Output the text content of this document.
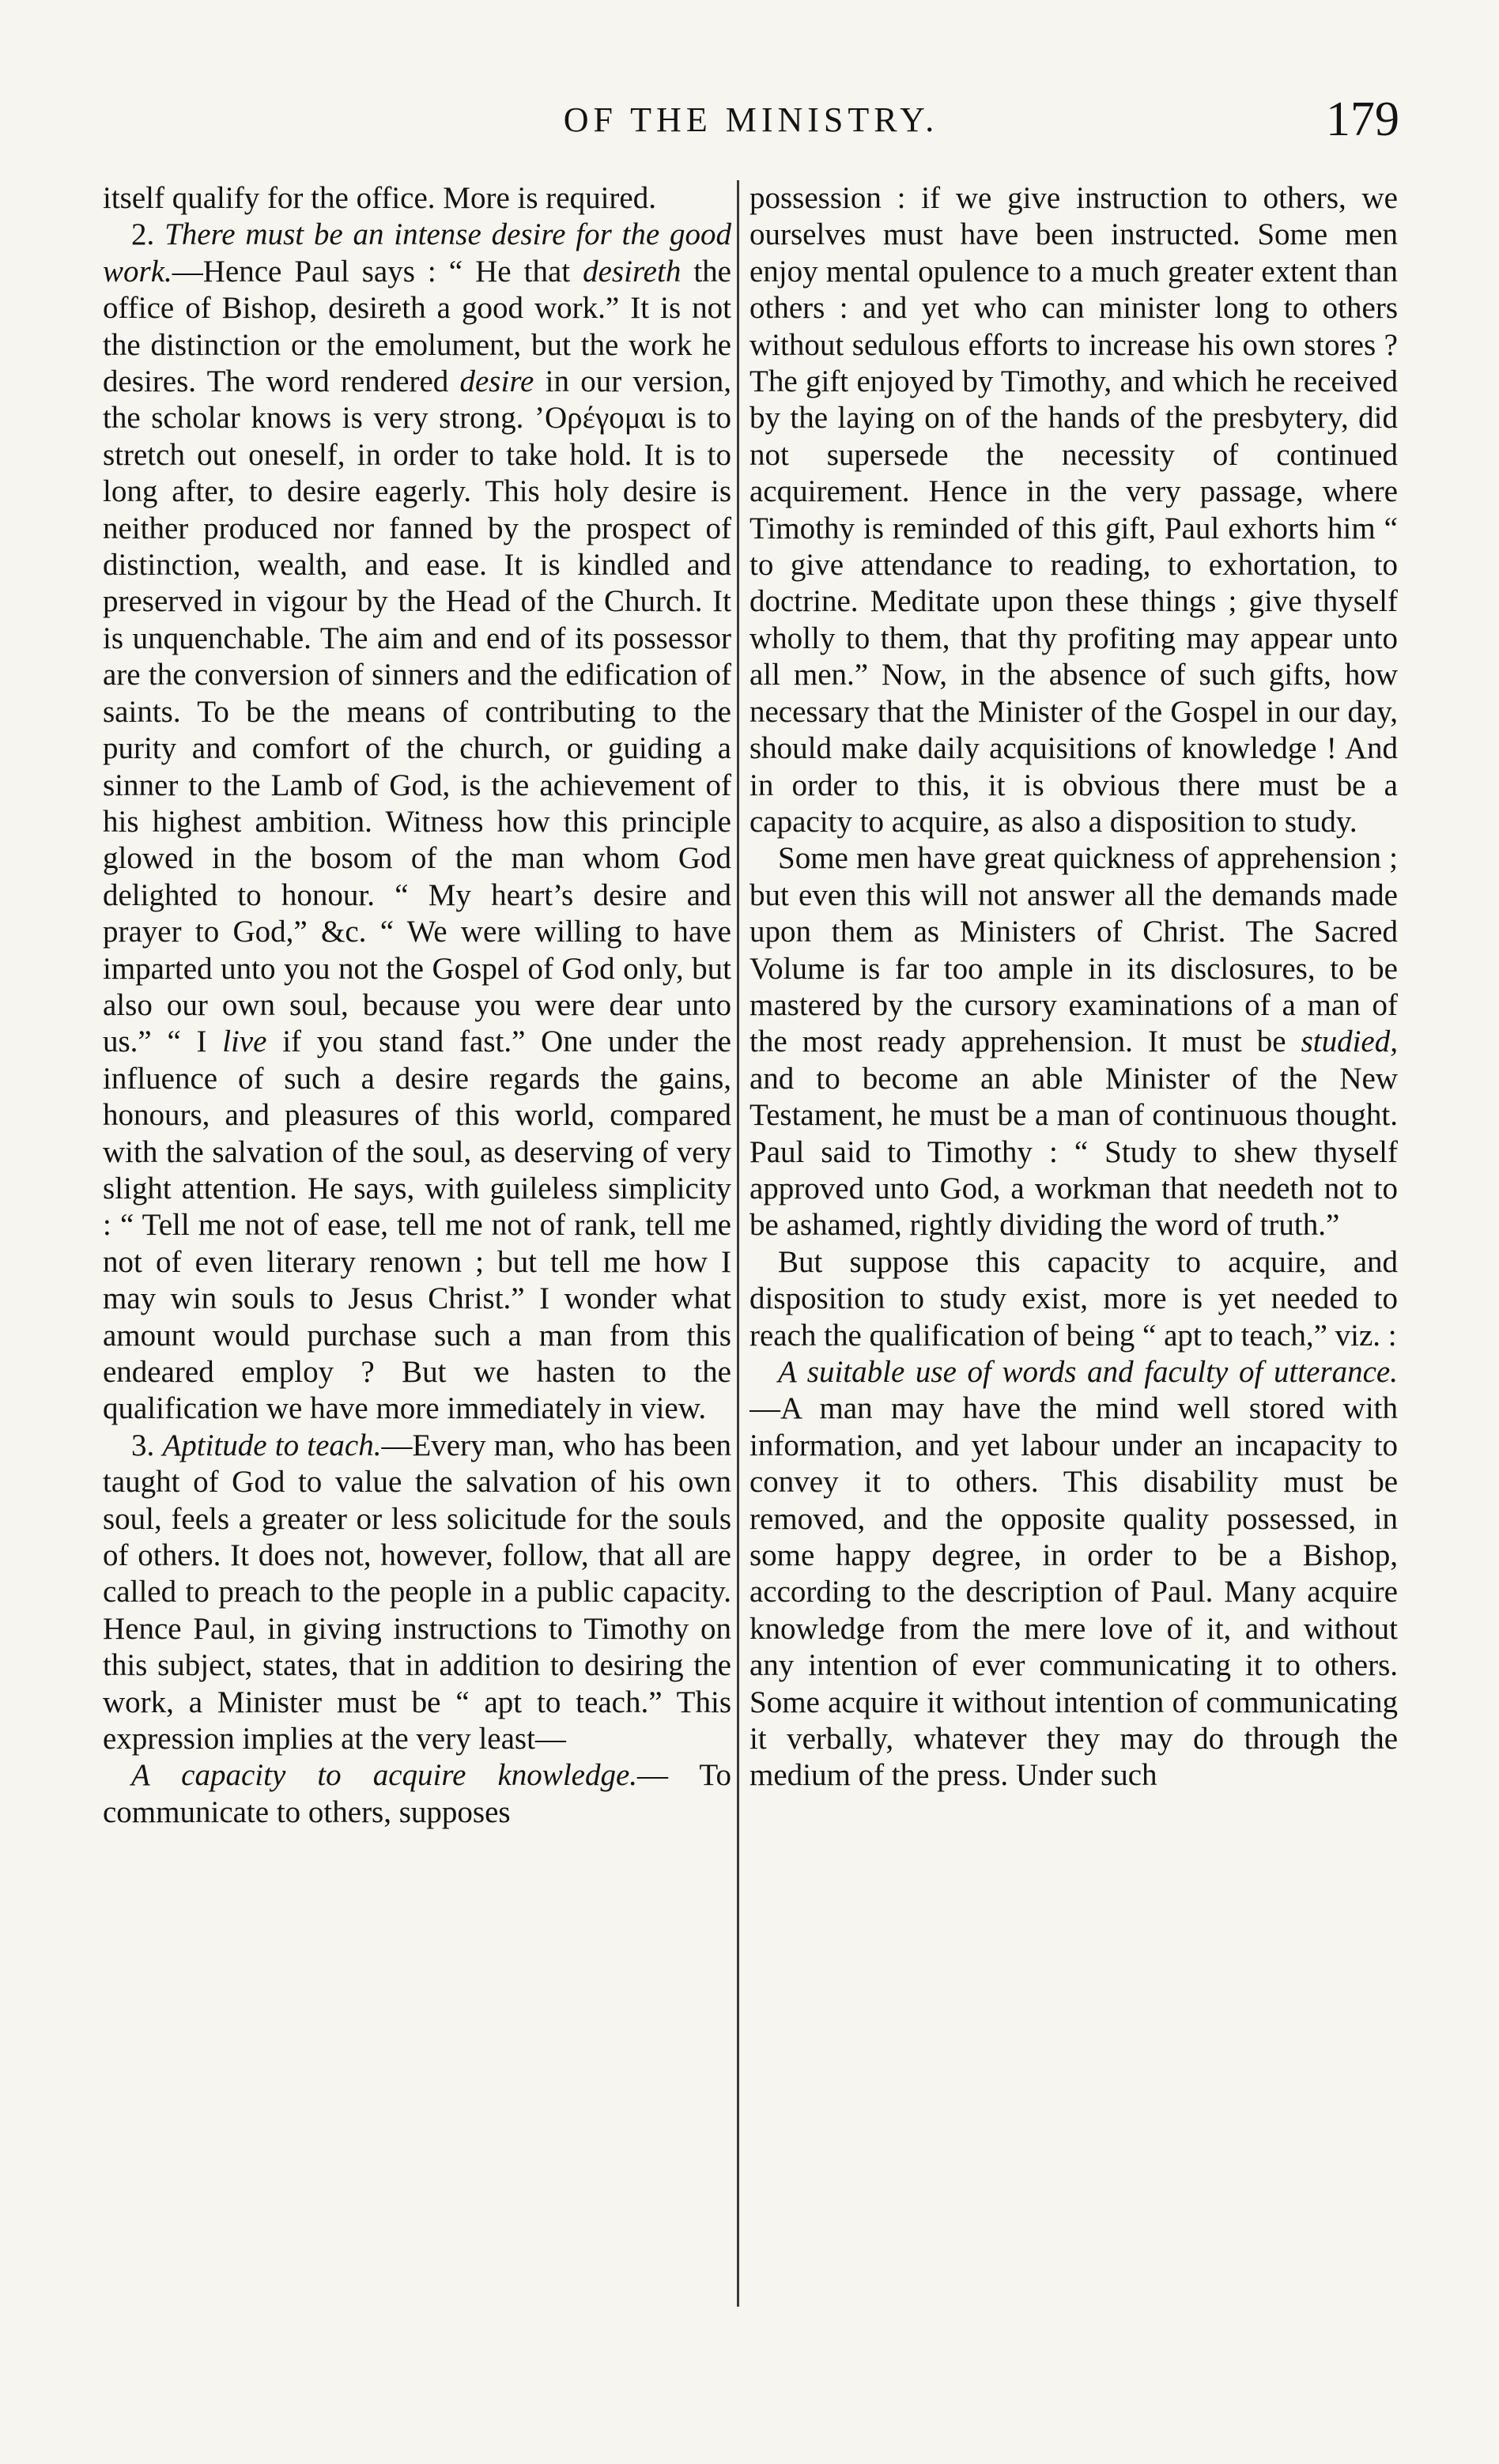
OF THE MINISTRY.	179

itself qualify for the office. More is required.

2. There must be an intense desire for the good work.—Hence Paul says : “ He that desireth the office of Bishop, desireth a good work.” It is not the distinction or the emolument, but the work he desires. The word rendered desire in our version, the scholar knows is very strong. ’Ορέγομαι is to stretch out oneself, in order to take hold. It is to long after, to desire eagerly. This holy desire is neither produced nor fanned by the prospect of distinction, wealth, and ease. It is kindled and preserved in vigour by the Head of the Church. It is unquenchable. The aim and end of its possessor are the conversion of sinners and the edification of saints. To be the means of contributing to the purity and comfort of the church, or guiding a sinner to the Lamb of God, is the achievement of his highest ambition. Witness how this principle glowed in the bosom of the man whom God delighted to honour. “ My heart’s desire and prayer to God,” &c. “ We were willing to have imparted unto you not the Gospel of God only, but also our own soul, because you were dear unto us.” “ I live if you stand fast.” One under the influence of such a desire regards the gains, honours, and pleasures of this world, compared with the salvation of the soul, as deserving of very slight attention. He says, with guileless simplicity : “ Tell me not of ease, tell me not of rank, tell me not of even literary renown ; but tell me how I may win souls to Jesus Christ.” I wonder what amount would purchase such a man from this endeared employ ? But we hasten to the qualification we have more immediately in view.

3. Aptitude to teach.—Every man, who has been taught of God to value the salvation of his own soul, feels a greater or less solicitude for the souls of others. It does not, however, follow, that all are called to preach to the people in a public capacity. Hence Paul, in giving instructions to Timothy on this subject, states, that in addition to desiring the work, a Minister must be “ apt to teach.” This expression implies at the very least—

A capacity to acquire knowledge.— To communicate to others, supposes

possession : if we give instruction to others, we ourselves must have been instructed. Some men enjoy mental opulence to a much greater extent than others : and yet who can minister long to others without sedulous efforts to increase his own stores ? The gift enjoyed by Timothy, and which he received by the laying on of the hands of the presbytery, did not supersede the necessity of continued acquirement. Hence in the very passage, where Timothy is reminded of this gift, Paul exhorts him “ to give attendance to reading, to exhortation, to doctrine. Meditate upon these things ; give thyself wholly to them, that thy profiting may appear unto all men.” Now, in the absence of such gifts, how necessary that the Minister of the Gospel in our day, should make daily acquisitions of knowledge ! And in order to this, it is obvious there must be a capacity to acquire, as also a disposition to study.

Some men have great quickness of apprehension ; but even this will not answer all the demands made upon them as Ministers of Christ. The Sacred Volume is far too ample in its disclosures, to be mastered by the cursory examinations of a man of the most ready apprehension. It must be studied, and to become an able Minister of the New Testament, he must be a man of continuous thought. Paul said to Timothy : “ Study to shew thyself approved unto God, a workman that needeth not to be ashamed, rightly dividing the word of truth.”

But suppose this capacity to acquire, and disposition to study exist, more is yet needed to reach the qualification of being “ apt to teach,” viz. :

A suitable use of words and faculty of utterance.—A man may have the mind well stored with information, and yet labour under an incapacity to convey it to others. This disability must be removed, and the opposite quality possessed, in some happy degree, in order to be a Bishop, according to the description of Paul. Many acquire knowledge from the mere love of it, and without any intention of ever communicating it to others. Some acquire it without intention of communicating it verbally, whatever they may do through the medium of the press. Under such
